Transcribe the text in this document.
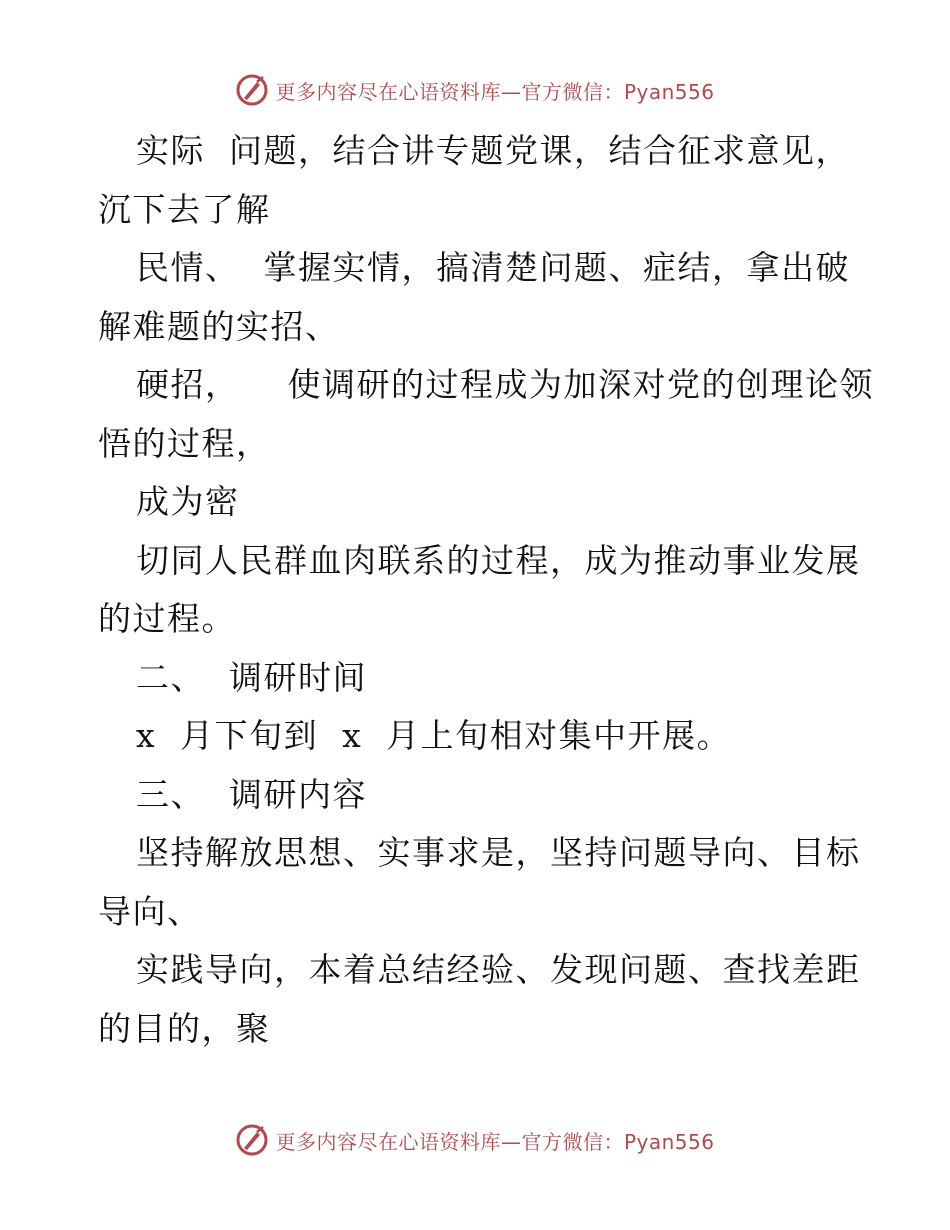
更多内容尽在心语资料库—官方微信：Pyan556
实际  问题，结合讲专题党课，结合征求意见，
沉下去了解
民情、  掌握实情，搞清楚问题、症结，拿出破
解难题的实招、
硬招，    使调研的过程成为加深对党的创理论领
悟的过程，
成为密
切同人民群血肉联系的过程，成为推动事业发展
的过程。
二、  调研时间
x  月下旬到  x  月上旬相对集中开展。
三、  调研内容
坚持解放思想、实事求是，坚持问题导向、目标
导向、
实践导向，本着总结经验、发现问题、查找差距
的目的，聚
更多内容尽在心语资料库—官方微信：Pyan556
